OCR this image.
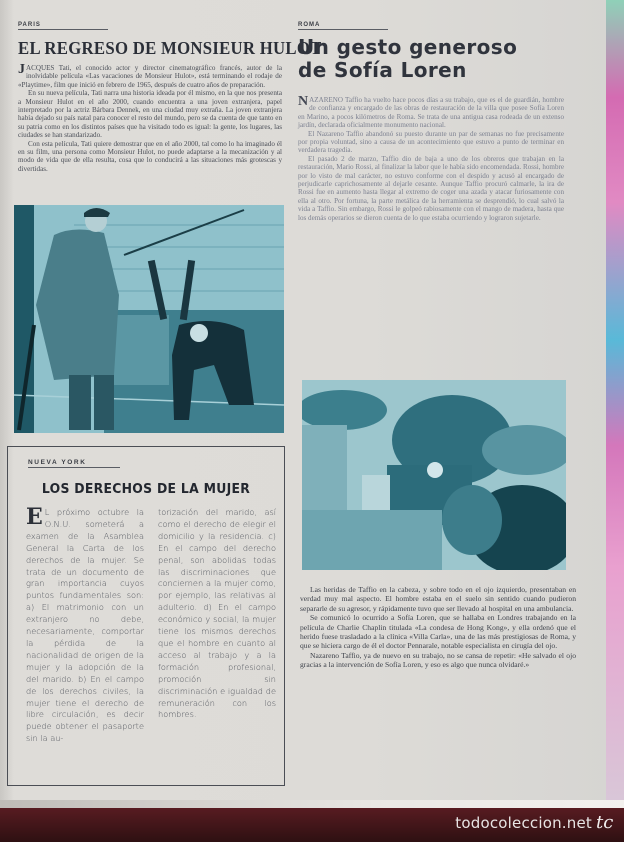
PARIS
EL REGRESO DE MONSIEUR HULOT

JACQUES Tati, el conocido actor y director cinematográfico francés, autor de la inolvidable película «Las vacaciones de Monsieur Hulot», está terminando el rodaje de «Playtime», film que inició en febrero de 1965, después de cuatro años de preparación.

En su nueva película, Tati narra una historia ideada por él mismo, en la que nos presenta a Monsieur Hulot en el año 2000, cuando encuentra a una joven extranjera, papel interpretado por la actriz Bárbara Dennek, en una ciudad muy extraña. La joven extranjera había dejado su país natal para conocer el resto del mundo, pero se da cuenta de que tanto en su patria como en los distintos países que ha visitado todo es igual: la gente, los lugares, las ciudades se han standarizado.

Con esta película, Tati quiere demostrar que en el año 2000, tal como lo ha imaginado él en su film, una persona como Monsieur Hulot, no puede adaptarse a la mecanización y al modo de vida que de ella resulta, cosa que lo conducirá a las situaciones más grotescas y divertidas.

NUEVA YORK
LOS DERECHOS DE LA MUJER
E L próximo octubre la O.N.U. someterá a examen de la Asamblea General la Carta de los derechos de la mujer. Se trata de un documento de gran importancia cuyos puntos fundamentales son: a) El matrimonio con un extranjero no debe, necesariamente, comportar la pérdida de la nacionalidad de origen de la mujer y la adopción de la del marido. b) En el campo de los derechos civiles, la mujer tiene el derecho de libre circulación, es decir puede obtener el pasaporte sin la au-
torización del marido, así como el derecho de elegir el domicilio y la residencia. c) En el campo del derecho penal, son abolidas todas las discriminaciones que conciernen a la mujer como, por ejemplo, las relativas al adulterio. d) En el campo económico y social, la mujer tiene los mismos derechos que el hombre en cuanto al acceso al trabajo y a la formación profesional, promoción sin discriminación e igualdad de remuneración con los hombres.
ROMA
Un gesto generoso
de Sofía Loren

NAZARENO Taffio ha vuelto hace pocos días a su trabajo, que es el de guardián, hombre de confianza y encargado de las obras de restauración de la villa que posee Sofía Loren en Marino, a pocos kilómetros de Roma. Se trata de una antigua casa rodeada de un extenso jardín, declarada oficialmente monumento nacional.

El Nazareno Taffio abandonó su puesto durante un par de semanas no fue precisamente por propia voluntad, sino a causa de un acontecimiento que estuvo a punto de terminar en verdadera tragedia.

El pasado 2 de marzo, Taffio dio de baja a uno de los obreros que trabajan en la restauración, Mario Rossi, al finalizar la labor que le había sido encomendada. Rossi, hombre por lo visto de mal carácter, no estuvo conforme con el despido y acusó al encargado de perjudicarle caprichosamente al dejarle cesante. Aunque Taffio procuró calmarle, la ira de Rossi fue en aumento hasta llegar al extremo de coger una azada y atacar furiosamente con ella al otro. Por fortuna, la parte metálica de la herramienta se desprendió, lo cual salvó la vida a Taffio. Sin embargo, Rossi le golpeó rabiosamente con el mango de madera, hasta que los demás operarios se dieron cuenta de lo que estaba ocurriendo y lograron sujetarle.

Las heridas de Taffio en la cabeza, y sobre todo en el ojo izquierdo, presentaban en verdad muy mal aspecto. El hombre estaba en el suelo sin sentido cuando pudieron separarle de su agresor, y rápidamente tuvo que ser llevado al hospital en una ambulancia.

Se comunicó lo ocurrido a Sofía Loren, que se hallaba en Londres trabajando en la película de Charlie Chaplin titulada «La condesa de Hong Kong», y ella ordenó que el herido fuese trasladado a la clínica «Villa Carla», una de las más prestigiosas de Roma, y que se hiciera cargo de él el doctor Pennarale, notable especialista en cirugía del ojo.

Nazareno Taffio, ya de nuevo en su trabajo, no se cansa de repetir: «He salvado el ojo gracias a la intervención de Sofía Loren, y eso es algo que nunca olvidaré.»

todocoleccion.net tc
